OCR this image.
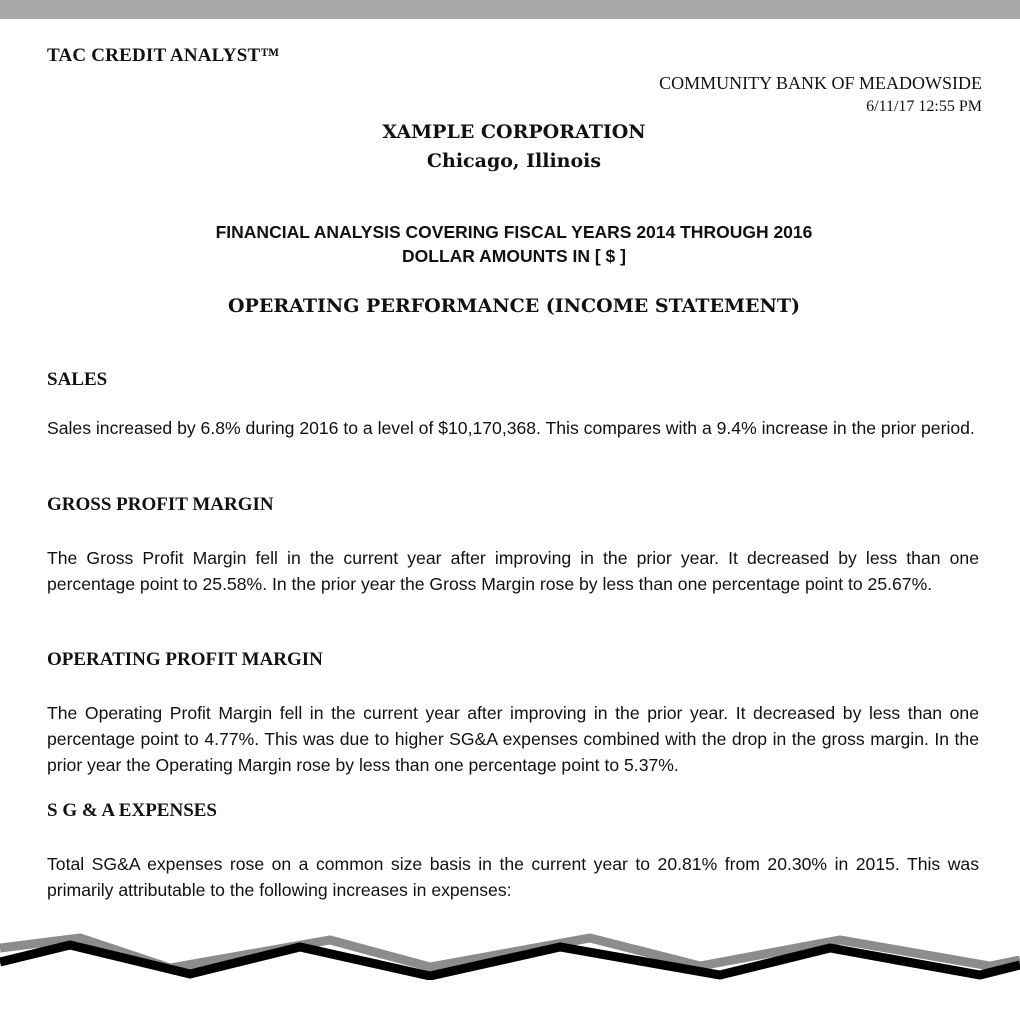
TAC CREDIT ANALYST™
COMMUNITY BANK OF MEADOWSIDE
6/11/17 12:55 PM
XAMPLE CORPORATION
Chicago, Illinois
FINANCIAL ANALYSIS COVERING FISCAL YEARS 2014 THROUGH 2016
DOLLAR AMOUNTS IN [ $ ]
OPERATING PERFORMANCE (INCOME STATEMENT)
SALES
Sales increased by 6.8% during 2016 to a level of $10,170,368. This compares with a 9.4% increase in the prior period.
GROSS PROFIT MARGIN
The Gross Profit Margin fell in the current year after improving in the prior year. It decreased by less than one percentage point to 25.58%. In the prior year the Gross Margin rose by less than one percentage point to 25.67%.
OPERATING PROFIT MARGIN
The Operating Profit Margin fell in the current year after improving in the prior year. It decreased by less than one percentage point to 4.77%. This was due to higher SG&A expenses combined with the drop in the gross margin. In the prior year the Operating Margin rose by less than one percentage point to 5.37%.
S G & A EXPENSES
Total SG&A expenses rose on a common size basis in the current year to 20.81% from 20.30% in 2015. This was primarily attributable to the following increases in expenses:
